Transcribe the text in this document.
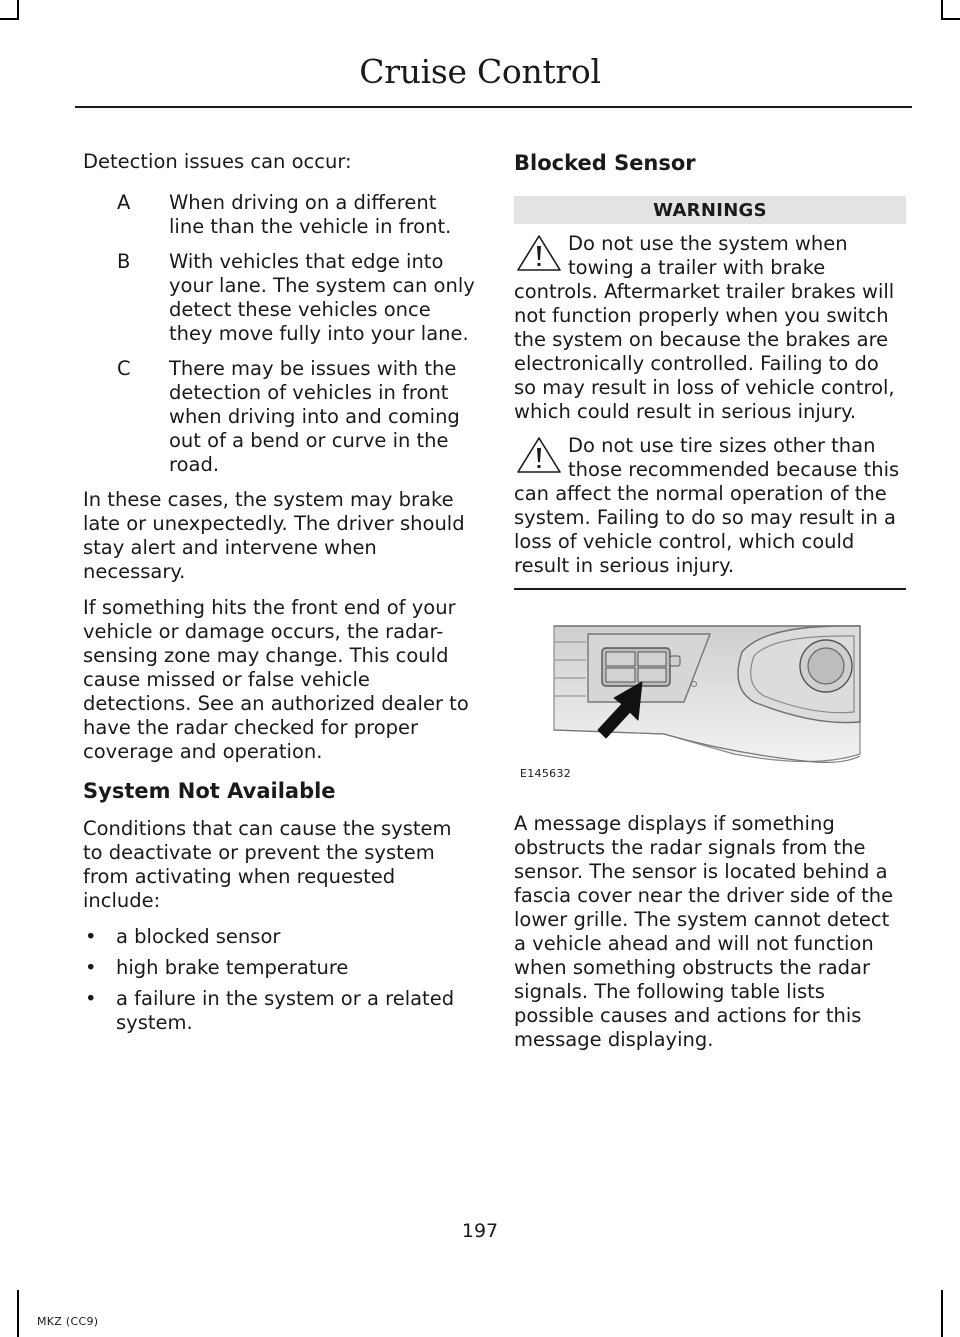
Cruise Control

Detection issues can occur:

A	When driving on a different line than the vehicle in front.
B	With vehicles that edge into your lane. The system can only detect these vehicles once they move fully into your lane.
C	There may be issues with the detection of vehicles in front when driving into and coming out of a bend or curve in the road.

In these cases, the system may brake late or unexpectedly. The driver should stay alert and intervene when necessary.

If something hits the front end of your vehicle or damage occurs, the radar-sensing zone may change. This could cause missed or false vehicle detections. See an authorized dealer to have the radar checked for proper coverage and operation.

System Not Available

Conditions that can cause the system to deactivate or prevent the system from activating when requested include:

• a blocked sensor
• high brake temperature
• a failure in the system or a related system.
Blocked Sensor
WARNINGS
Do not use the system when towing a trailer with brake controls. Aftermarket trailer brakes will not function properly when you switch the system on because the brakes are electronically controlled. Failing to do so may result in loss of vehicle control, which could result in serious injury.
Do not use tire sizes other than those recommended because this can affect the normal operation of the system. Failing to do so may result in a loss of vehicle control, which could result in serious injury.
E145632

A message displays if something obstructs the radar signals from the sensor. The sensor is located behind a fascia cover near the driver side of the lower grille. The system cannot detect a vehicle ahead and will not function when something obstructs the radar signals. The following table lists possible causes and actions for this message displaying.

197
MKZ (CC9)
